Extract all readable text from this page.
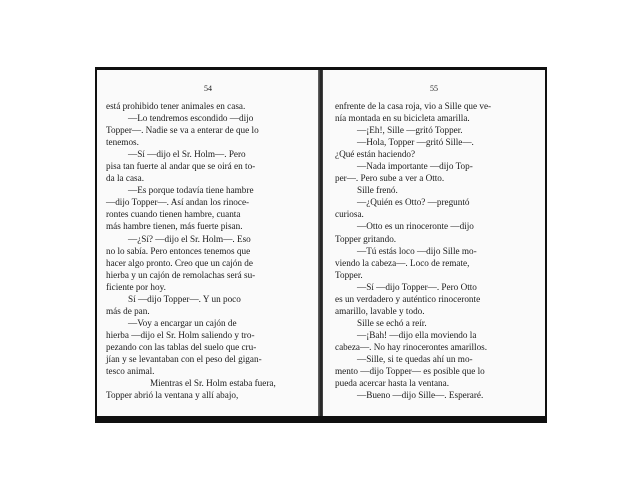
54
está prohibido tener animales en casa.
—Lo tendremos escondido —dijo
Topper—. Nadie se va a enterar de que lo
tenemos.
—Sí —dijo el Sr. Holm—. Pero
pisa tan fuerte al andar que se oirá en to-
da la casa.
—Es porque todavía tiene hambre
—dijo Topper—. Así andan los rinoce-
rontes cuando tienen hambre, cuanta
más hambre tienen, más fuerte pisan.
—¿Sí? —dijo el Sr. Holm—. Eso
no lo sabía. Pero entonces tenemos que
hacer algo pronto. Creo que un cajón de
hierba y un cajón de remolachas será su-
ficiente por hoy.
Sí —dijo Topper—. Y un poco
más de pan.
—Voy a encargar un cajón de
hierba —dijo el Sr. Holm saliendo y tro-
pezando con las tablas del suelo que cru-
jían y se levantaban con el peso del gigan-
tesco animal.
Mientras el Sr. Holm estaba fuera,
Topper abrió la ventana y allí abajo,
55
enfrente de la casa roja, vio a Sille que ve-
nía montada en su bicicleta amarilla.
—¡Eh!, Sille —gritó Topper.
—Hola, Topper —gritó Sille—.
¿Qué están haciendo?
—Nada importante —dijo Top-
per—. Pero sube a ver a Otto.
Sille frenó.
—¿Quién es Otto? —preguntó
curiosa.
—Otto es un rinoceronte —dijo
Topper gritando.
—Tú estás loco —dijo Sille mo-
viendo la cabeza—. Loco de remate,
Topper.
—Sí —dijo Topper—. Pero Otto
es un verdadero y auténtico rinoceronte
amarillo, lavable y todo.
Sille se echó a reír.
—¡Bah! —dijo ella moviendo la
cabeza—. No hay rinocerontes amarillos.
—Sille, si te quedas ahí un mo-
mento —dijo Topper— es posible que lo
pueda acercar hasta la ventana.
—Bueno —dijo Sille—. Esperaré.
